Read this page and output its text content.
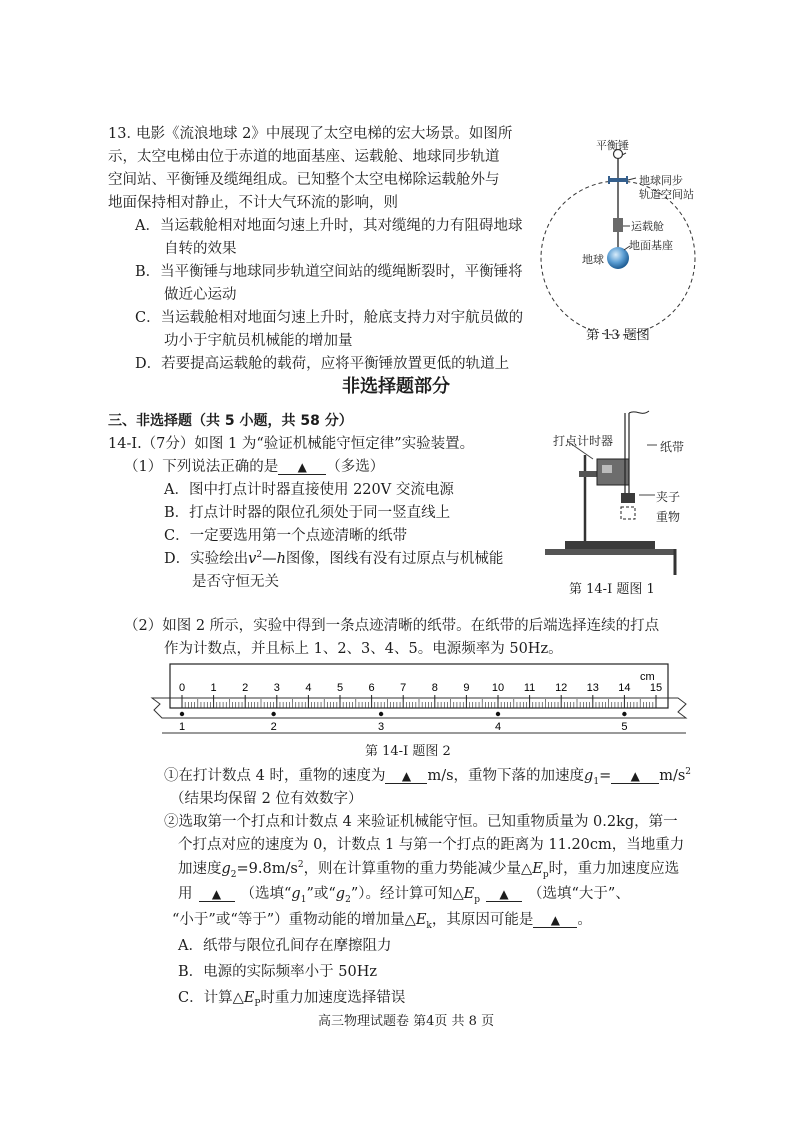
13．
电影《流浪地球 2》中展现了太空电梯的宏大场景。如图所
示，太空电梯由位于赤道的地面基座、运载舱、地球同步轨道
空间站、平衡锤及缆绳组成。已知整个太空电梯除运载舱外与
地面保持相对静止，不计大气环流的影响，则
A．当运载舱相对地面匀速上升时，其对缆绳的力有阻碍地球
自转的效果
B．当平衡锤与地球同步轨道空间站的缆绳断裂时，平衡锤将
做近心运动
C．当运载舱相对地面匀速上升时，舱底支持力对宇航员做的
功小于宇航员机械能的增加量
D．若要提高运载舱的载荷，应将平衡锤放置更低的轨道上
平衡锤
地球同步
轨道空间站
运载舱
地面基座
地球
第 13 题图
非选择题部分
三、非选择题（共 5 小题，共 58 分）
14-Ⅰ.（7分）如图 1 为“验证机械能守恒定律”实验装置。
（1）下列说法正确的是 ▲ （多选）
A．图中打点计时器直接使用 220V 交流电源
B．打点计时器的限位孔须处于同一竖直线上
C．一定要选用第一个点迹清晰的纸带
D．实验绘出$v^2—h$图像，图线有没有过原点与机械能
是否守恒无关
打点计时器	纸带
夹子
重物
第 14-Ⅰ 题图 1
（2）如图 2 所示，实验中得到一条点迹清晰的纸带。在纸带的后端选择连续的打点
作为计数点，并且标上 1、2、3、4、5。电源频率为 50Hz。
0 1 2 3 4 5 6 7 8 9 10 11 12 13 14 15
1	2	3	4	5
cm
第 14-Ⅰ 题图 2
①在打计数点 4 时，重物的速度为 ▲ m/s，重物下落的加速度$g_1=$ ▲ $m/s^2$
（结果均保留 2 位有效数字）
②选取第一个打点和计数点 4 来验证机械能守恒。已知重物质量为 0.2kg，第一
个打点对应的速度为 0，计数点 1 与第一个打点的距离为 11.20cm，当地重力
加速度$g_2=9.8m/s^2$，则在计算重物的重力势能减少量$\triangle E_p$时，重力加速度应选
用 ▲ （选填“$g_1$”或“$g_2$”）。经计算可知$\triangle E_p$ ▲ （选填“大于”、
“小于”或“等于”）重物动能的增加量$\triangle E_k$，其原因可能是 ▲ 。
A．纸带与限位孔间存在摩擦阻力
B．电源的实际频率小于 50Hz
C．计算$\triangle E_P$时重力加速度选择错误
高三物理试题卷 第4页 共 8 页
